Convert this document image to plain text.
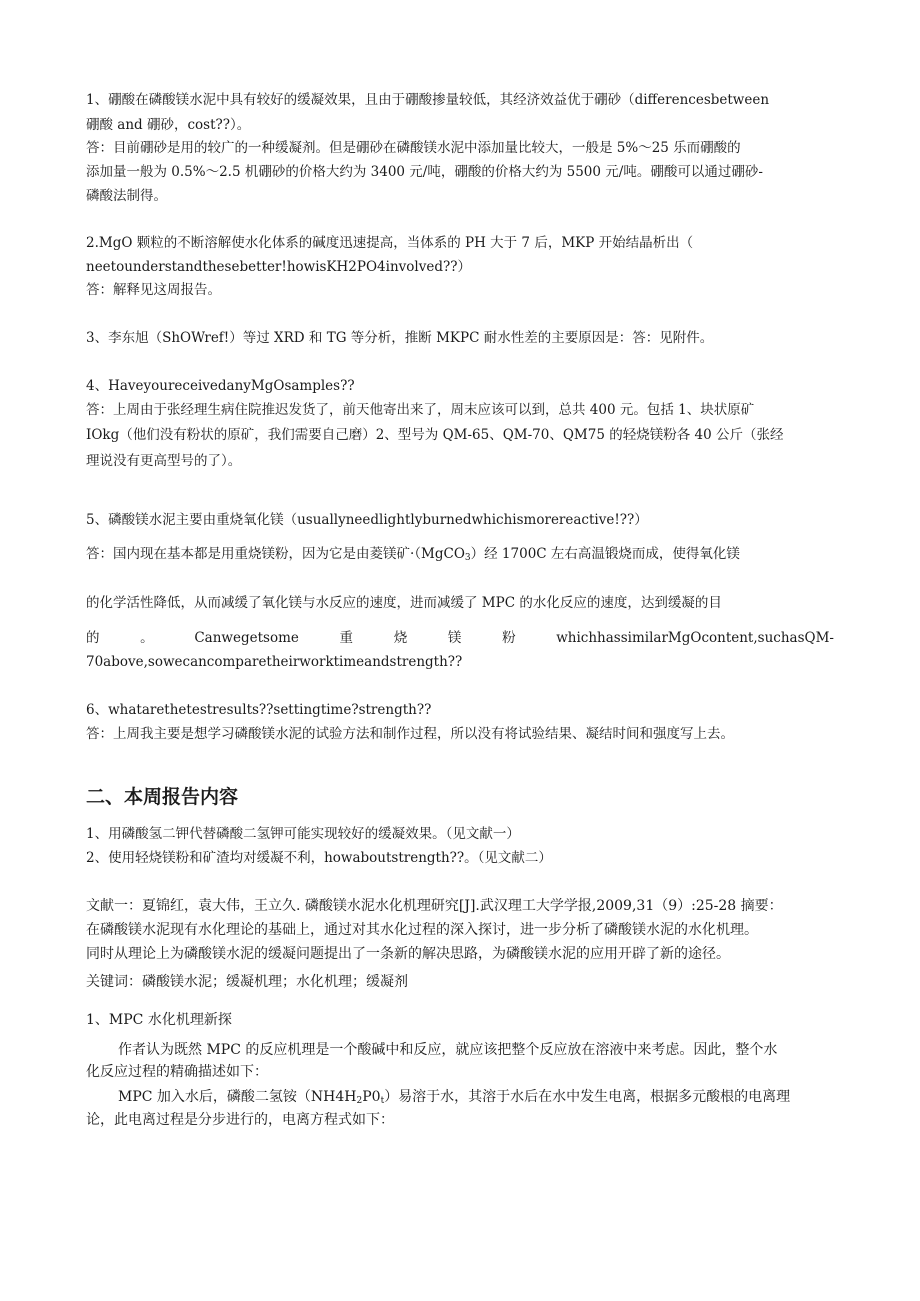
1、硼酸在磷酸镁水泥中具有较好的缓凝效果，且由于硼酸掺量较低，其经济效益优于硼砂（differencesbetween
硼酸 and 硼砂，cost??）。
答：目前硼砂是用的较广的一种缓凝剂。但是硼砂在磷酸镁水泥中添加量比较大，一般是 5%～25 乐而硼酸的
添加量一般为 0.5%～2.5 机硼砂的价格大约为 3400 元/吨，硼酸的价格大约为 5500 元/吨。硼酸可以通过硼砂-
磷酸法制得。
2.MgO 颗粒的不断溶解使水化体系的碱度迅速提高，当体系的 PH 大于 7 后，MKP 开始结晶析出（
neetounderstandthesebetter!howisKH2PO4involved??）
答：解释见这周报告。
3、李东旭（ShOWref!）等过 XRD 和 TG 等分析，推断 MKPC 耐水性差的主要原因是：答：见附件。
4、HaveyoureceivedanyMgOsamples??
答：上周由于张经理生病住院推迟发货了，前天他寄出来了，周末应该可以到，总共 400 元。包括 1、块状原矿
IOkg（他们没有粉状的原矿，我们需要自己磨）2、型号为 QM-65、QM-70、QM75 的轻烧镁粉各 40 公斤（张经
理说没有更高型号的了）。
5、磷酸镁水泥主要由重烧氧化镁（usuallyneedlightlyburnedwhichismorereactive!??）
答：国内现在基本都是用重烧镁粉，因为它是由菱镁矿·（MgCO$_3$）经 1700C 左右高温锻烧而成，使得氧化镁
的化学活性降低，从而减缓了氧化镁与水反应的速度，进而减缓了 MPC 的水化反应的速度，达到缓凝的目
的	。	Canwegetsome	重	烧	镁	粉	whichhassimilarMgOcontent,suchasQM-
70above,sowecancomparetheirworktimeandstrength??
6、whatarethetestresults??settingtime?strength??
答：上周我主要是想学习磷酸镁水泥的试验方法和制作过程，所以没有将试验结果、凝结时间和强度写上去。
二、本周报告内容
1、用磷酸氢二钾代替磷酸二氢钾可能实现较好的缓凝效果。（见文献一）
2、使用轻烧镁粉和矿渣均对缓凝不利，howaboutstrength??。（见文献二）
文献一：夏锦红，袁大伟，王立久. 磷酸镁水泥水化机理研究[J].武汉理工大学学报,2009,31（9）:25-28 摘要：
在磷酸镁水泥现有水化理论的基础上，通过对其水化过程的深入探讨，进一步分析了磷酸镁水泥的水化机理。
同时从理论上为磷酸镁水泥的缓凝问题提出了一条新的解决思路，为磷酸镁水泥的应用开辟了新的途径。
关键词：磷酸镁水泥；缓凝机理；水化机理；缓凝剂
1、MPC 水化机理新探
作者认为既然 MPC 的反应机理是一个酸碱中和反应，就应该把整个反应放在溶液中来考虑。因此，整个水
化反应过程的精确描述如下：
MPC 加入水后，磷酸二氢铵$(NH4H_2P0_t)$易溶于水，其溶于水后在水中发生电离，根据多元酸根的电离理
论，此电离过程是分步进行的，电离方程式如下：
